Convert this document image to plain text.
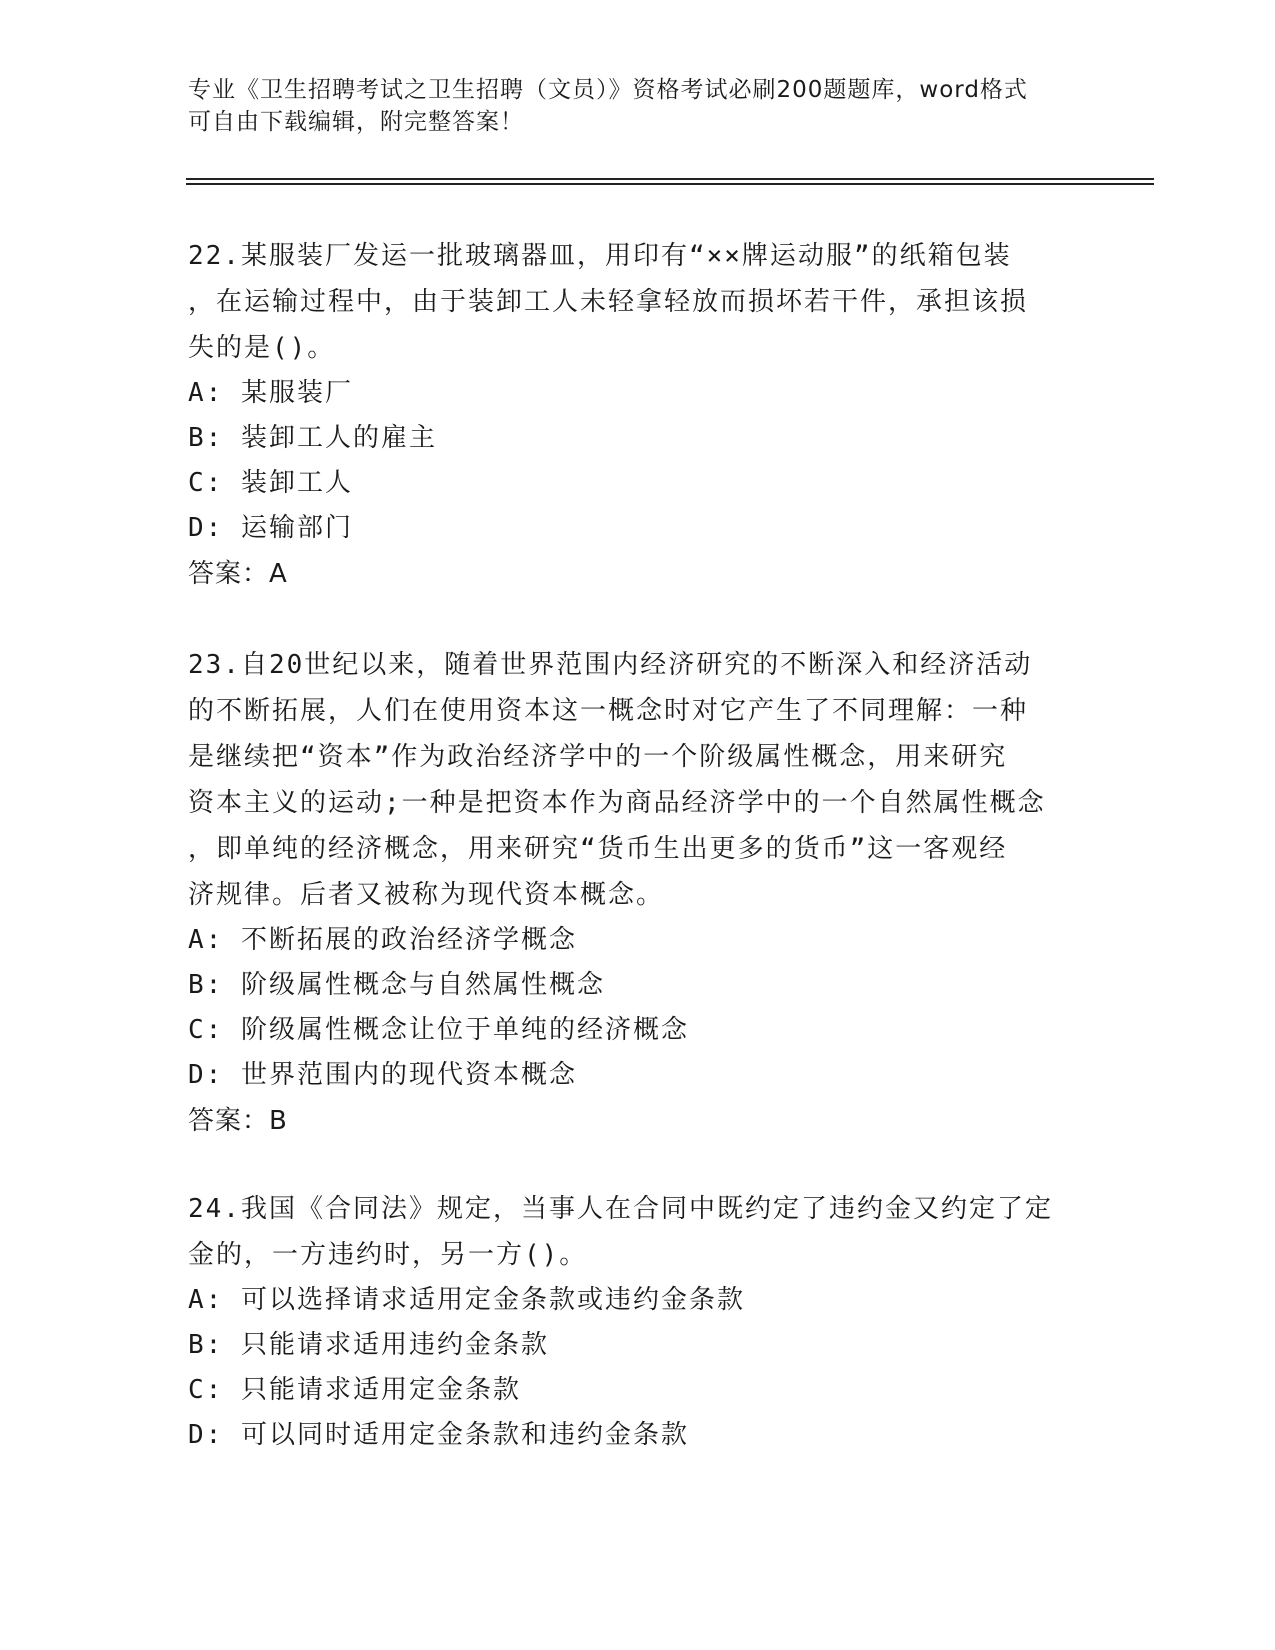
专业《卫生招聘考试之卫生招聘（文员）》资格考试必刷200题题库，word格式
可自由下载编辑，附完整答案！
22.某服装厂发运一批玻璃器皿，用印有“××牌运动服”的纸箱包装
，在运输过程中，由于装卸工人未轻拿轻放而损坏若干件，承担该损
失的是()。
A: 某服装厂
B: 装卸工人的雇主
C: 装卸工人
D: 运输部门
答案：A
23.自20世纪以来，随着世界范围内经济研究的不断深入和经济活动
的不断拓展，人们在使用资本这一概念时对它产生了不同理解：一种
是继续把“资本”作为政治经济学中的一个阶级属性概念，用来研究
资本主义的运动;一种是把资本作为商品经济学中的一个自然属性概念
，即单纯的经济概念，用来研究“货币生出更多的货币”这一客观经
济规律。后者又被称为现代资本概念。
A: 不断拓展的政治经济学概念
B: 阶级属性概念与自然属性概念
C: 阶级属性概念让位于单纯的经济概念
D: 世界范围内的现代资本概念
答案：B
24.我国《合同法》规定，当事人在合同中既约定了违约金又约定了定
金的，一方违约时，另一方()。
A: 可以选择请求适用定金条款或违约金条款
B: 只能请求适用违约金条款
C: 只能请求适用定金条款
D: 可以同时适用定金条款和违约金条款
